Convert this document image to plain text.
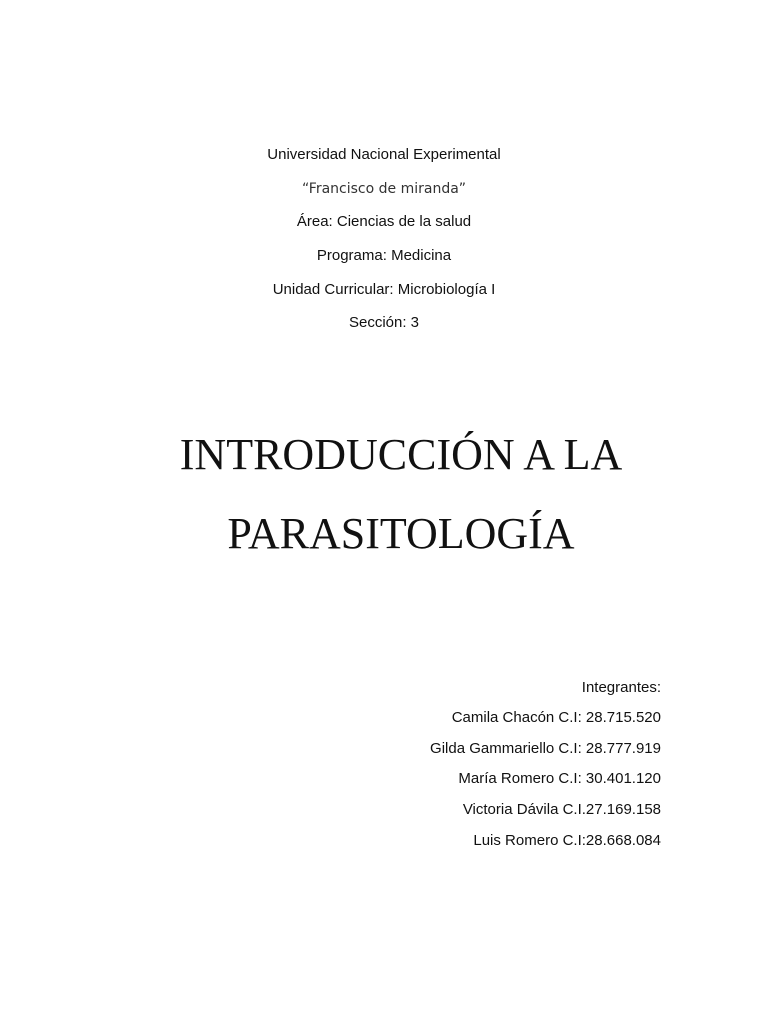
Universidad Nacional Experimental
“Francisco de miranda”
Área: Ciencias de la salud
Programa: Medicina
Unidad Curricular: Microbiología I
Sección: 3
INTRODUCCIÓN A LA
PARASITOLOGÍA
Integrantes:
Camila Chacón C.I: 28.715.520
Gilda Gammariello C.I: 28.777.919
María Romero C.I: 30.401.120
Victoria Dávila C.I.27.169.158
Luis Romero C.I:28.668.084
